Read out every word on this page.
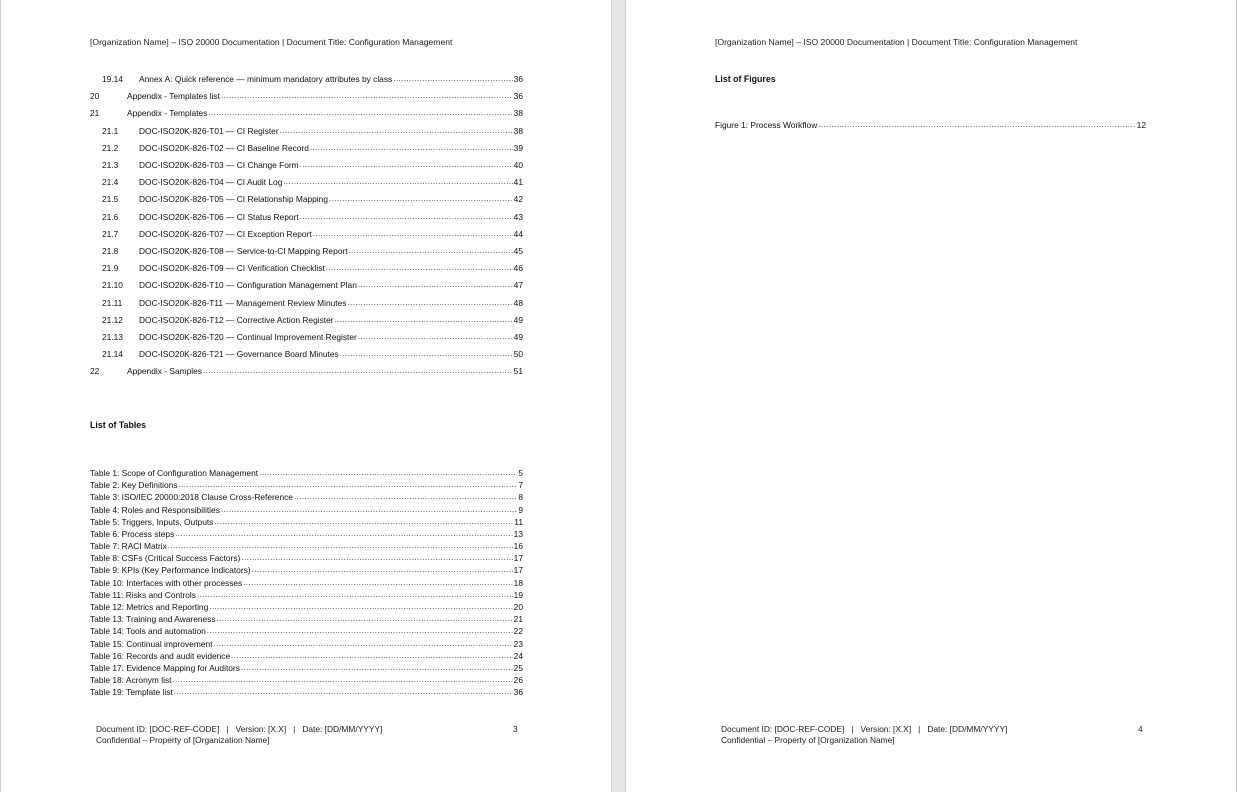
[Organization Name] – ISO 20000 Documentation | Document Title: Configuration Management
19.14	Annex A: Quick reference — minimum mandatory attributes by class .....	36
20	Appendix - Templates list .....	36
21	Appendix - Templates .....	38
21.1	DOC-ISO20K-826-T01 — CI Register .....	38
21.2	DOC-ISO20K-826-T02 — CI Baseline Record .....	39
21.3	DOC-ISO20K-826-T03 — CI Change Form .....	40
21.4	DOC-ISO20K-826-T04 — CI Audit Log .....	41
21.5	DOC-ISO20K-826-T05 — CI Relationship Mapping .....	42
21.6	DOC-ISO20K-826-T06 — CI Status Report .....	43
21.7	DOC-ISO20K-826-T07 — CI Exception Report .....	44
21.8	DOC-ISO20K-826-T08 — Service-to-CI Mapping Report .....	45
21.9	DOC-ISO20K-826-T09 — CI Verification Checklist .....	46
21.10	DOC-ISO20K-826-T10 — Configuration Management Plan .....	47
21.11	DOC-ISO20K-826-T11 — Management Review Minutes .....	48
21.12	DOC-ISO20K-826-T12 — Corrective Action Register .....	49
21.13	DOC-ISO20K-826-T20 — Continual Improvement Register .....	49
21.14	DOC-ISO20K-826-T21 — Governance Board Minutes .....	50
22	Appendix - Samples .....	51
List of Tables
Table 1: Scope of Configuration Management .....	5
Table 2: Key Definitions .....	7
Table 3: ISO/IEC 20000:2018 Clause Cross-Reference .....	8
Table 4: Roles and Responsibilities .....	9
Table 5: Triggers, Inputs, Outputs .....	11
Table 6: Process steps .....	13
Table 7: RACI Matrix .....	16
Table 8: CSFs (Critical Success Factors) .....	17
Table 9: KPIs (Key Performance Indicators) .....	17
Table 10: Interfaces with other processes .....	18
Table 11: Risks and Controls .....	19
Table 12: Metrics and Reporting .....	20
Table 13: Training and Awareness .....	21
Table 14: Tools and automation .....	22
Table 15: Continual improvement .....	23
Table 16: Records and audit evidence .....	24
Table 17: Evidence Mapping for Auditors .....	25
Table 18: Acronym list .....	26
Table 19: Template list .....	36
Document ID: [DOC-REF-CODE]   |   Version: [X.X]   |   Date: [DD/MM/YYYY]
Confidential – Property of [Organization Name]
3
[Organization Name] – ISO 20000 Documentation | Document Title: Configuration Management
List of Figures
Figure 1: Process Workflow .....	12
Document ID: [DOC-REF-CODE]   |   Version: [X.X]   |   Date: [DD/MM/YYYY]
Confidential – Property of [Organization Name]
4
